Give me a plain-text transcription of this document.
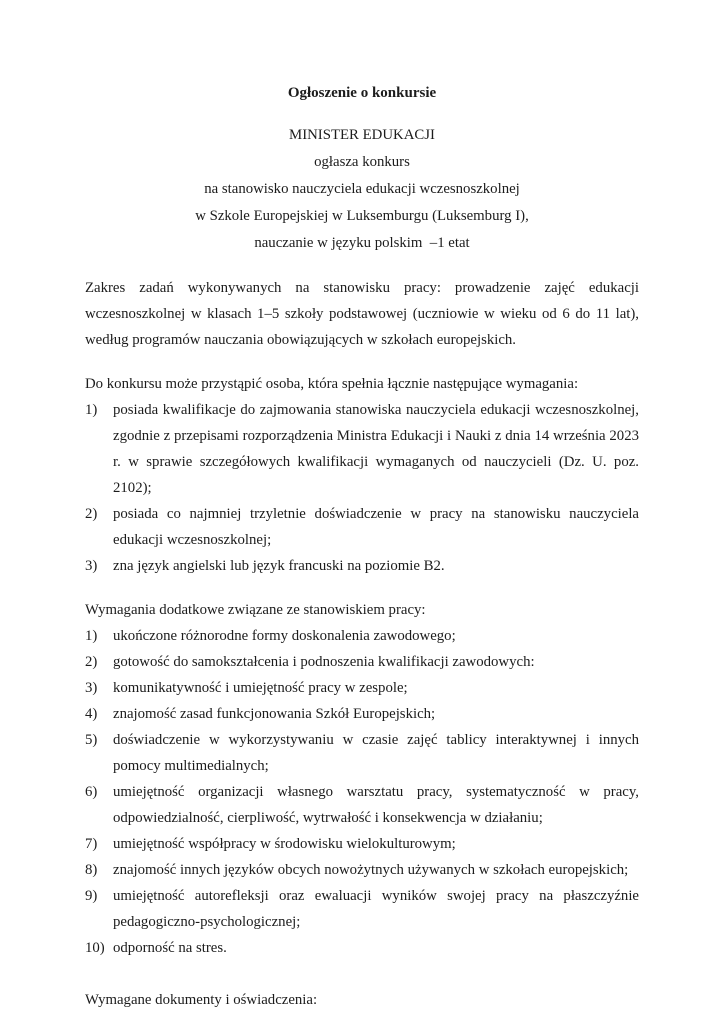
Ogłoszenie o konkursie

MINISTER EDUKACJI
ogłasza konkurs
na stanowisko nauczyciela edukacji wczesnoszkolnej
w Szkole Europejskiej w Luksemburgu (Luksemburg I),
nauczanie w języku polskim  –1 etat

Zakres zadań wykonywanych na stanowisku pracy: prowadzenie zajęć edukacji wczesnoszkolnej w klasach 1–5 szkoły podstawowej (uczniowie w wieku od 6 do 11 lat), według programów nauczania obowiązujących w szkołach europejskich.

Do konkursu może przystąpić osoba, która spełnia łącznie następujące wymagania:

1)	posiada kwalifikacje do zajmowania stanowiska nauczyciela edukacji wczesnoszkolnej, zgodnie z przepisami rozporządzenia Ministra Edukacji i Nauki z dnia 14 września 2023 r. w sprawie szczegółowych kwalifikacji wymaganych od nauczycieli (Dz. U. poz. 2102);
2)	posiada co najmniej trzyletnie doświadczenie w pracy na stanowisku nauczyciela edukacji wczesnoszkolnej;
3)	zna język angielski lub język francuski na poziomie B2.

Wymagania dodatkowe związane ze stanowiskiem pracy:

1)	ukończone różnorodne formy doskonalenia zawodowego;
2)	gotowość do samokształcenia i podnoszenia kwalifikacji zawodowych:
3)	komunikatywność i umiejętność pracy w zespole;
4)	znajomość zasad funkcjonowania Szkół Europejskich;
5)	doświadczenie w wykorzystywaniu w czasie zajęć tablicy interaktywnej i innych pomocy multimedialnych;
6)	umiejętność organizacji własnego warsztatu pracy, systematyczność w pracy, odpowiedzialność, cierpliwość, wytrwałość i konsekwencja w działaniu;
7)	umiejętność współpracy w środowisku wielokulturowym;
8)	znajomość innych języków obcych nowożytnych używanych w szkołach europejskich;
9)	umiejętność autorefleksji oraz ewaluacji wyników swojej pracy na płaszczyźnie pedagogiczno-psychologicznej;
10) odporność na stres.

Wymagane dokumenty i oświadczenia:
